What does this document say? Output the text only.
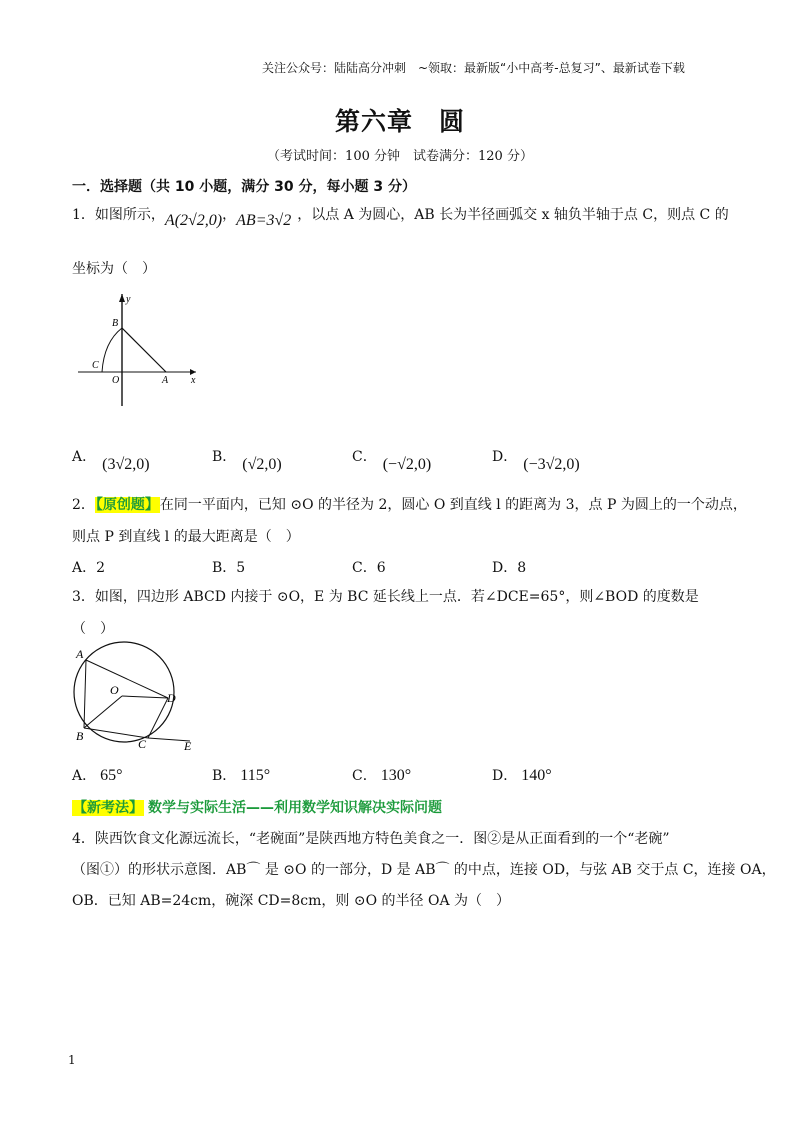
关注公众号：陆陆高分冲刺　~领取：最新版“小中高考-总复习”、最新试卷下载
第六章　圆
（考试时间：100 分钟　试卷满分：120 分）
一．选择题（共 10 小题，满分 30 分，每小题 3 分）
1．如图所示，A(2√2,0)，AB=3√2 ，以点 A 为圆心，AB 长为半径画弧交 x 轴负半轴于点 C，则点 C 的
坐标为（　）
y
B
C
O	A x
A． (3√2,0)	B． (√2,0)	C． (−√2,0)	D． (−3√2,0)
2．【原创题】在同一平面内，已知 ⊙O 的半径为 2，圆心 O 到直线 l 的距离为 3，点 P 为圆上的一个动点，
则点 P 到直线 l 的最大距离是（　）
A．2	B．5	C．6	D．8
3．如图，四边形 ABCD 内接于 ⊙O，E 为 BC 延长线上一点．若∠DCE=65°，则∠BOD 的度数是
（　）
A
O
D
B
C	E
A． 65°	B． 115°	C． 130°	D． 140°
【新考法】 数学与实际生活——利用数学知识解决实际问题
4．陕西饮食文化源远流长，“老碗面”是陕西地方特色美食之一．图②是从正面看到的一个“老碗”
（图①）的形状示意图．AB⌒ 是 ⊙O 的一部分，D 是 AB⌒ 的中点，连接 OD，与弦 AB 交于点 C，连接 OA，
OB．已知 AB=24cm，碗深 CD=8cm，则 ⊙O 的半径 OA 为（　）
1
